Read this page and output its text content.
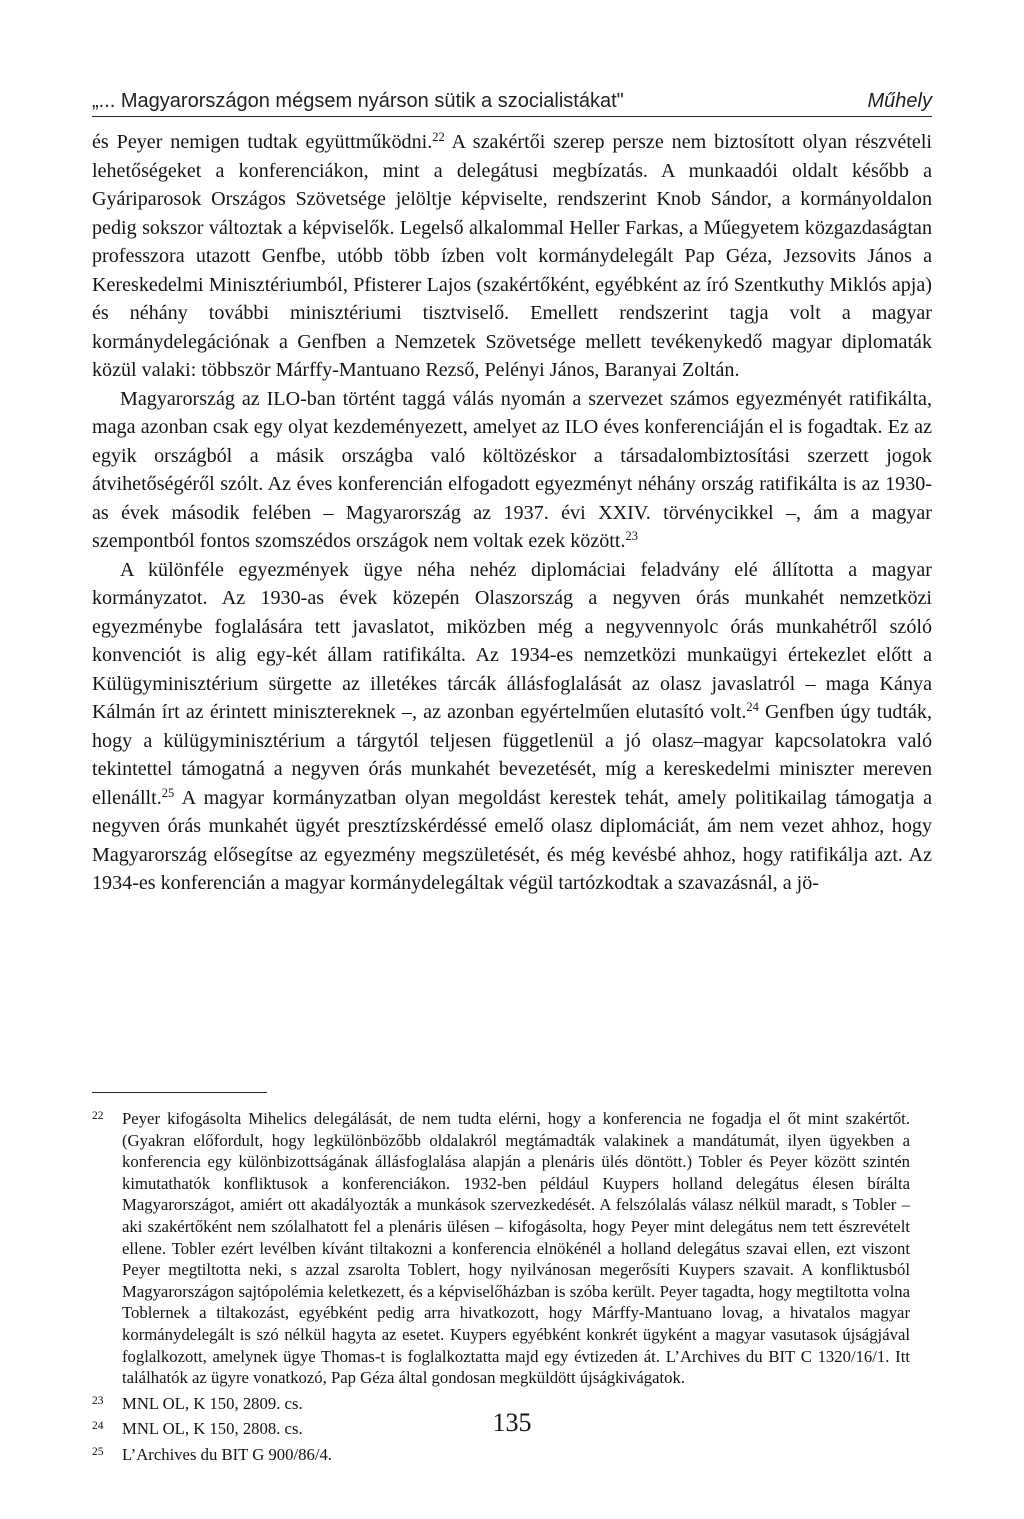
„... Magyarországon mégsem nyárson sütik a szocialistákat"	Műhely

és Peyer nemigen tudtak együttműködni.$^{22}$ A szakértői szerep persze nem biztosított olyan részvételi lehetőségeket a konferenciákon, mint a delegátusi megbízatás. A munkaadói oldalt később a Gyáriparosok Országos Szövetsége jelöltje képviselte, rendszerint Knob Sándor, a kormányoldalon pedig sokszor változtak a képviselők. Legelső alkalommal Heller Farkas, a Műegyetem közgazdaságtan professzora utazott Genfbe, utóbb több ízben volt kormánydelegált Pap Géza, Jezsovits János a Kereskedelmi Minisztériumból, Pfisterer Lajos (szakértőként, egyébként az író Szentkuthy Miklós apja) és néhány további minisztériumi tisztviselő. Emellett rendszerint tagja volt a magyar kormánydelegációnak a Genfben a Nemzetek Szövetsége mellett tevékenykedő magyar diplomaták közül valaki: többször Márffy-Mantuano Rezső, Pelényi János, Baranyai Zoltán.

Magyarország az ILO-ban történt taggá válás nyomán a szervezet számos egyezményét ratifikálta, maga azonban csak egy olyat kezdeményezett, amelyet az ILO éves konferenciáján el is fogadtak. Ez az egyik országból a másik országba való költözéskor a társadalombiztosítási szerzett jogok átvihetőségéről szólt. Az éves konferencián elfogadott egyezményt néhány ország ratifikálta is az 1930-as évek második felében – Magyarország az 1937. évi XXIV. törvénycikkel –, ám a magyar szempontból fontos szomszédos országok nem voltak ezek között.$^{23}$

A különféle egyezmények ügye néha nehéz diplomáciai feladvány elé állította a magyar kormányzatot. Az 1930-as évek közepén Olaszország a negyven órás munkahét nemzetközi egyezménybe foglalására tett javaslatot, miközben még a negyvennyolc órás munkahétről szóló konvenciót is alig egy-két állam ratifikálta. Az 1934-es nemzetközi munkaügyi értekezlet előtt a Külügyminisztérium sürgette az illetékes tárcák állásfoglalását az olasz javaslatról – maga Kánya Kálmán írt az érintett minisztereknek –, az azonban egyértelműen elutasító volt.$^{24}$ Genfben úgy tudták, hogy a külügyminisztérium a tárgytól teljesen függetlenül a jó olasz–magyar kapcsolatokra való tekintettel támogatná a negyven órás munkahét bevezetését, míg a kereskedelmi miniszter mereven ellenállt.$^{25}$ A magyar kormányzatban olyan megoldást kerestek tehát, amely politikailag támogatja a negyven órás munkahét ügyét presztízskérdéssé emelő olasz diplomáciát, ám nem vezet ahhoz, hogy Magyarország elősegítse az egyezmény megszületését, és még kevésbé ahhoz, hogy ratifikálja azt. Az 1934-es konferencián a magyar kormánydelegáltak végül tartózkodtak a szavazásnál, a jö-

22 Peyer kifogásolta Mihelics delegálását, de nem tudta elérni, hogy a konferencia ne fogadja el őt mint szakértőt. (Gyakran előfordult, hogy legkülönbözőbb oldalakról megtámadták valakinek a mandátumát, ilyen ügyekben a konferencia egy különbizottságának állásfoglalása alapján a plenáris ülés döntött.) Tobler és Peyer között szintén kimutathatók konfliktusok a konferenciákon. 1932-ben például Kuypers holland delegátus élesen bírálta Magyarországot, amiért ott akadályozták a munkások szervezkedését. A felszólalás válasz nélkül maradt, s Tobler – aki szakértőként nem szólalhatott fel a plenáris ülésen – kifogásolta, hogy Peyer mint delegátus nem tett észrevételt ellene. Tobler ezért levélben kívánt tiltakozni a konferencia elnökénél a holland delegátus szavai ellen, ezt viszont Peyer megtiltotta neki, s azzal zsarolta Toblert, hogy nyilvánosan megerősíti Kuypers szavait. A konfliktusból Magyarországon sajtópolémia keletkezett, és a képviselőházban is szóba került. Peyer tagadta, hogy megtiltotta volna Toblernek a tiltakozást, egyébként pedig arra hivatkozott, hogy Márffy-Mantuano lovag, a hivatalos magyar kormánydelegált is szó nélkül hagyta az esetet. Kuypers egyébként konkrét ügyként a magyar vasutasok újságjával foglalkozott, amelynek ügye Thomas-t is foglalkoztatta majd egy évtizeden át. L’Archives du BIT C 1320/16/1. Itt találhatók az ügyre vonatkozó, Pap Géza által gondosan megküldött újságkivágatok.
23 MNL OL, K 150, 2809. cs.
24 MNL OL, K 150, 2808. cs.
25 L’Archives du BIT G 900/86/4.
135
